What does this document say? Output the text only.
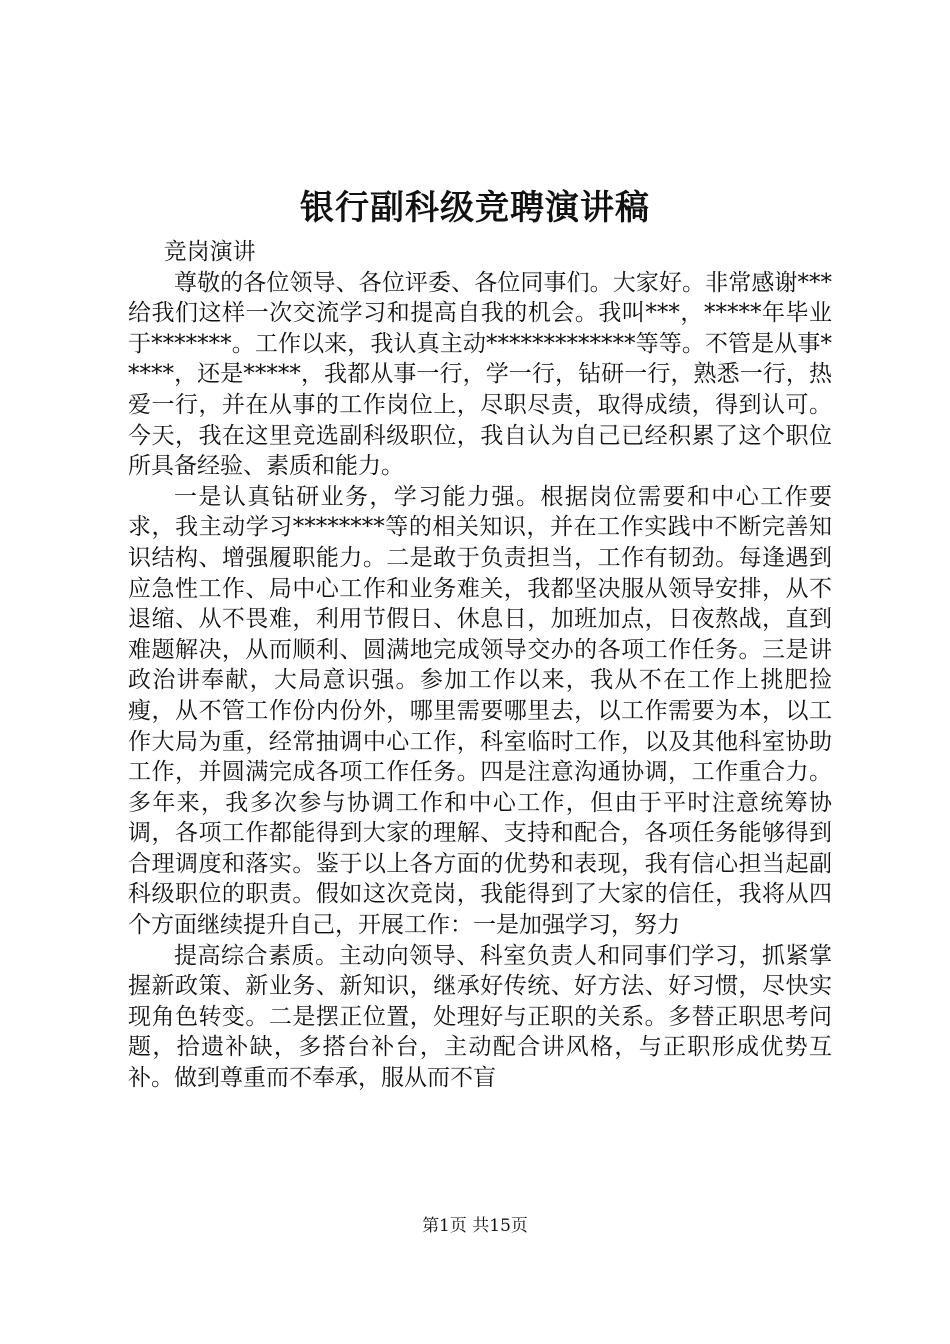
银行副科级竞聘演讲稿

竞岗演讲

尊敬的各位领导、各位评委、各位同事们。大家好。非常感谢***给我们这样一次交流学习和提高自我的机会。我叫***，*****年毕业于*******。工作以来，我认真主动*************等等。不管是从事*****，还是*****，我都从事一行，学一行，钻研一行，熟悉一行，热爱一行，并在从事的工作岗位上，尽职尽责，取得成绩，得到认可。今天，我在这里竞选副科级职位，我自认为自己已经积累了这个职位所具备经验、素质和能力。

一是认真钻研业务，学习能力强。根据岗位需要和中心工作要求，我主动学习********等的相关知识，并在工作实践中不断完善知识结构、增强履职能力。二是敢于负责担当，工作有韧劲。每逢遇到应急性工作、局中心工作和业务难关，我都坚决服从领导安排，从不退缩、从不畏难，利用节假日、休息日，加班加点，日夜熬战，直到难题解决，从而顺利、圆满地完成领导交办的各项工作任务。三是讲政治讲奉献，大局意识强。参加工作以来，我从不在工作上挑肥捡瘦，从不管工作份内份外，哪里需要哪里去，以工作需要为本，以工作大局为重，经常抽调中心工作，科室临时工作，以及其他科室协助工作，并圆满完成各项工作任务。四是注意沟通协调，工作重合力。多年来，我多次参与协调工作和中心工作，但由于平时注意统筹协调，各项工作都能得到大家的理解、支持和配合，各项任务能够得到合理调度和落实。鉴于以上各方面的优势和表现，我有信心担当起副科级职位的职责。假如这次竞岗，我能得到了大家的信任，我将从四个方面继续提升自己，开展工作：一是加强学习，努力

提高综合素质。主动向领导、科室负责人和同事们学习，抓紧掌握新政策、新业务、新知识，继承好传统、好方法、好习惯，尽快实现角色转变。二是摆正位置，处理好与正职的关系。多替正职思考问题，拾遗补缺，多搭台补台，主动配合讲风格，与正职形成优势互补。做到尊重而不奉承，服从而不盲

第1页 共15页
